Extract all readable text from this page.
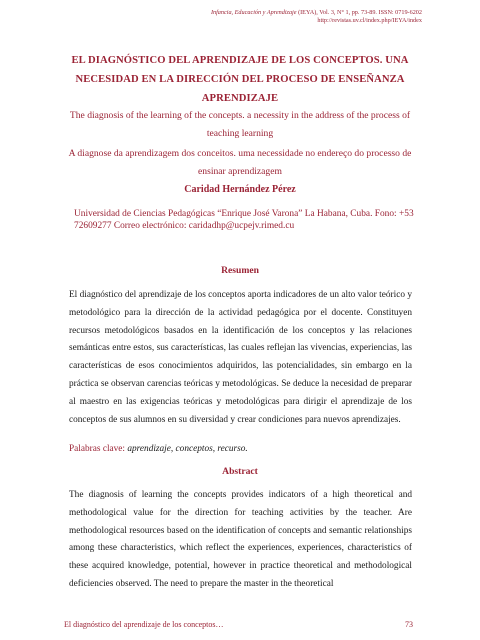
Infancia, Educación y Aprendizaje (IEYA), Vol. 3, N° 1, pp. 73-89. ISSN: 0719-6202
http://revistas.uv.cl/index.php/IEYA/index
EL DIAGNÓSTICO DEL APRENDIZAJE DE LOS CONCEPTOS. UNA NECESIDAD EN LA DIRECCIÓN DEL PROCESO DE ENSEÑANZA APRENDIZAJE
The diagnosis of the learning of the concepts. a necessity in the address of the process of teaching learning
A diagnose da aprendizagem dos conceitos. uma necessidade no endereço do processo de ensinar aprendizagem
Caridad Hernández Pérez
Universidad de Ciencias Pedagógicas “Enrique José Varona” La Habana, Cuba. Fono: +53 72609277 Correo electrónico: caridadhp@ucpejv.rimed.cu
Resumen
El diagnóstico del aprendizaje de los conceptos aporta indicadores de un alto valor teórico y metodológico para la dirección de la actividad pedagógica por el docente. Constituyen recursos metodológicos basados en la identificación de los conceptos y las relaciones semánticas entre estos, sus características, las cuales reflejan las vivencias, experiencias, las características de esos conocimientos adquiridos, las potencialidades, sin embargo en la práctica se observan carencias teóricas y metodológicas. Se deduce la necesidad de preparar al maestro en las exigencias teóricas y metodológicas para dirigir el aprendizaje de los conceptos de sus alumnos en su diversidad y crear condiciones para nuevos aprendizajes.
Palabras clave: aprendizaje, conceptos, recurso.
Abstract
The diagnosis of learning the concepts provides indicators of a high theoretical and methodological value for the direction for teaching activities by the teacher. Are methodological resources based on the identification of concepts and semantic relationships among these characteristics, which reflect the experiences, experiences, characteristics of these acquired knowledge, potential, however in practice theoretical and methodological deficiencies observed. The need to prepare the master in the theoretical
El diagnóstico del aprendizaje de los conceptos…	73
